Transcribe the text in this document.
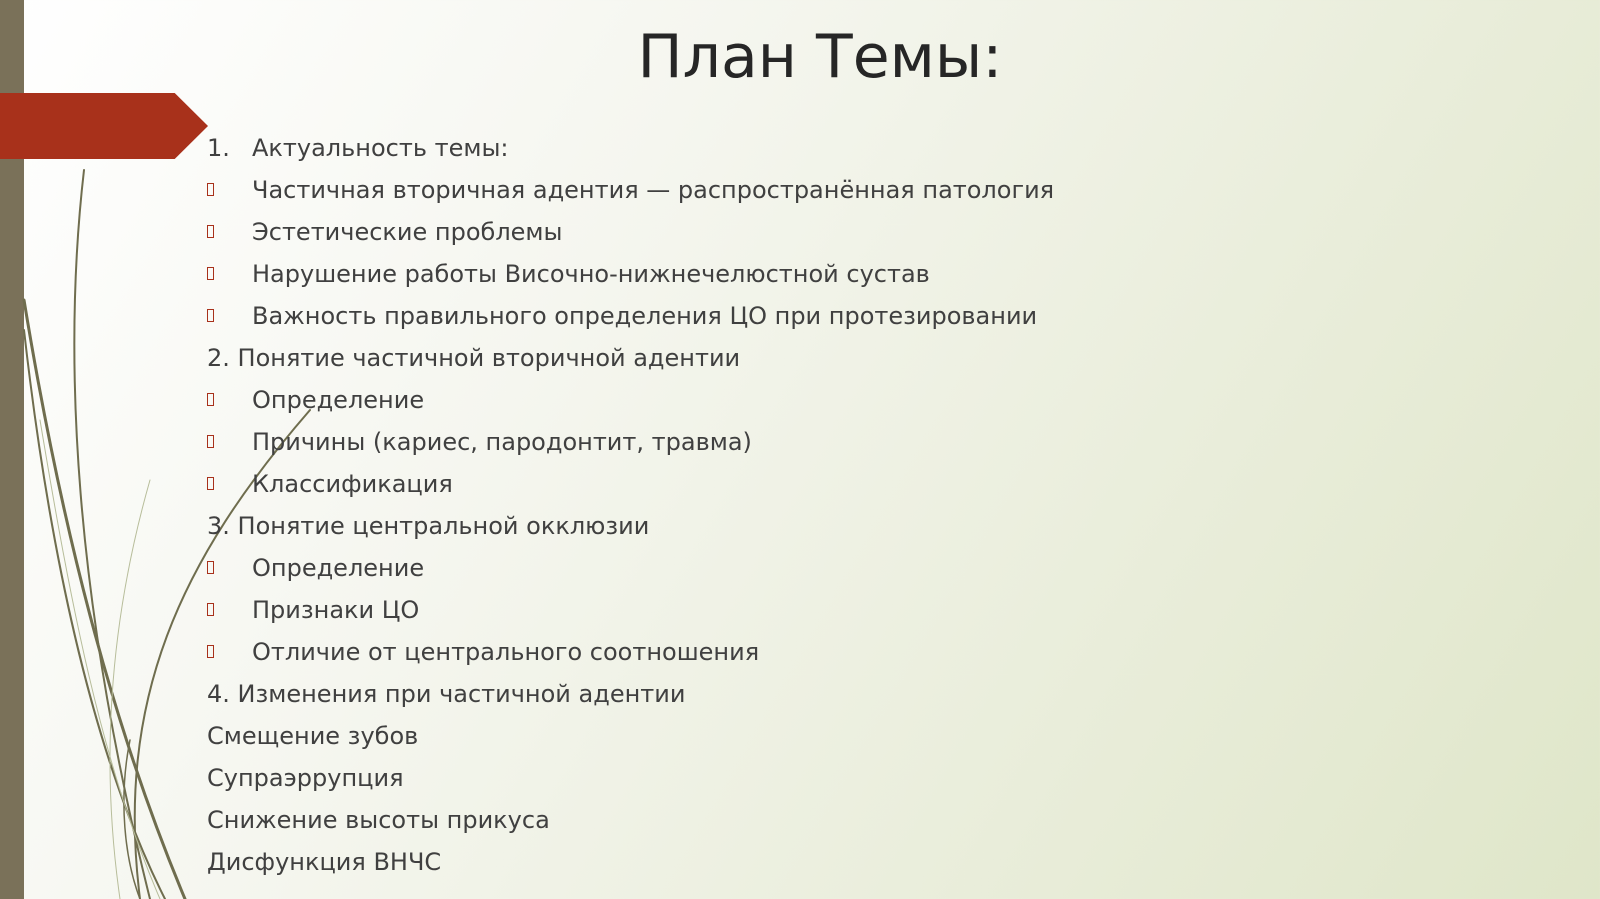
План Темы:
1. Актуальность темы:
Частичная вторичная адентия — распространённая патология
Эстетические проблемы
Нарушение работы Височно-нижнечелюстной сустав
Важность правильного определения ЦО при протезировании
2. Понятие частичной вторичной адентии
Определение
Причины (кариес, пародонтит, травма)
Классификация
3. Понятие центральной окклюзии
Определение
Признаки ЦО
Отличие от центрального соотношения
4. Изменения при частичной адентии
Смещение зубов
Супраэррупция
Снижение высоты прикуса
Дисфункция ВНЧС
